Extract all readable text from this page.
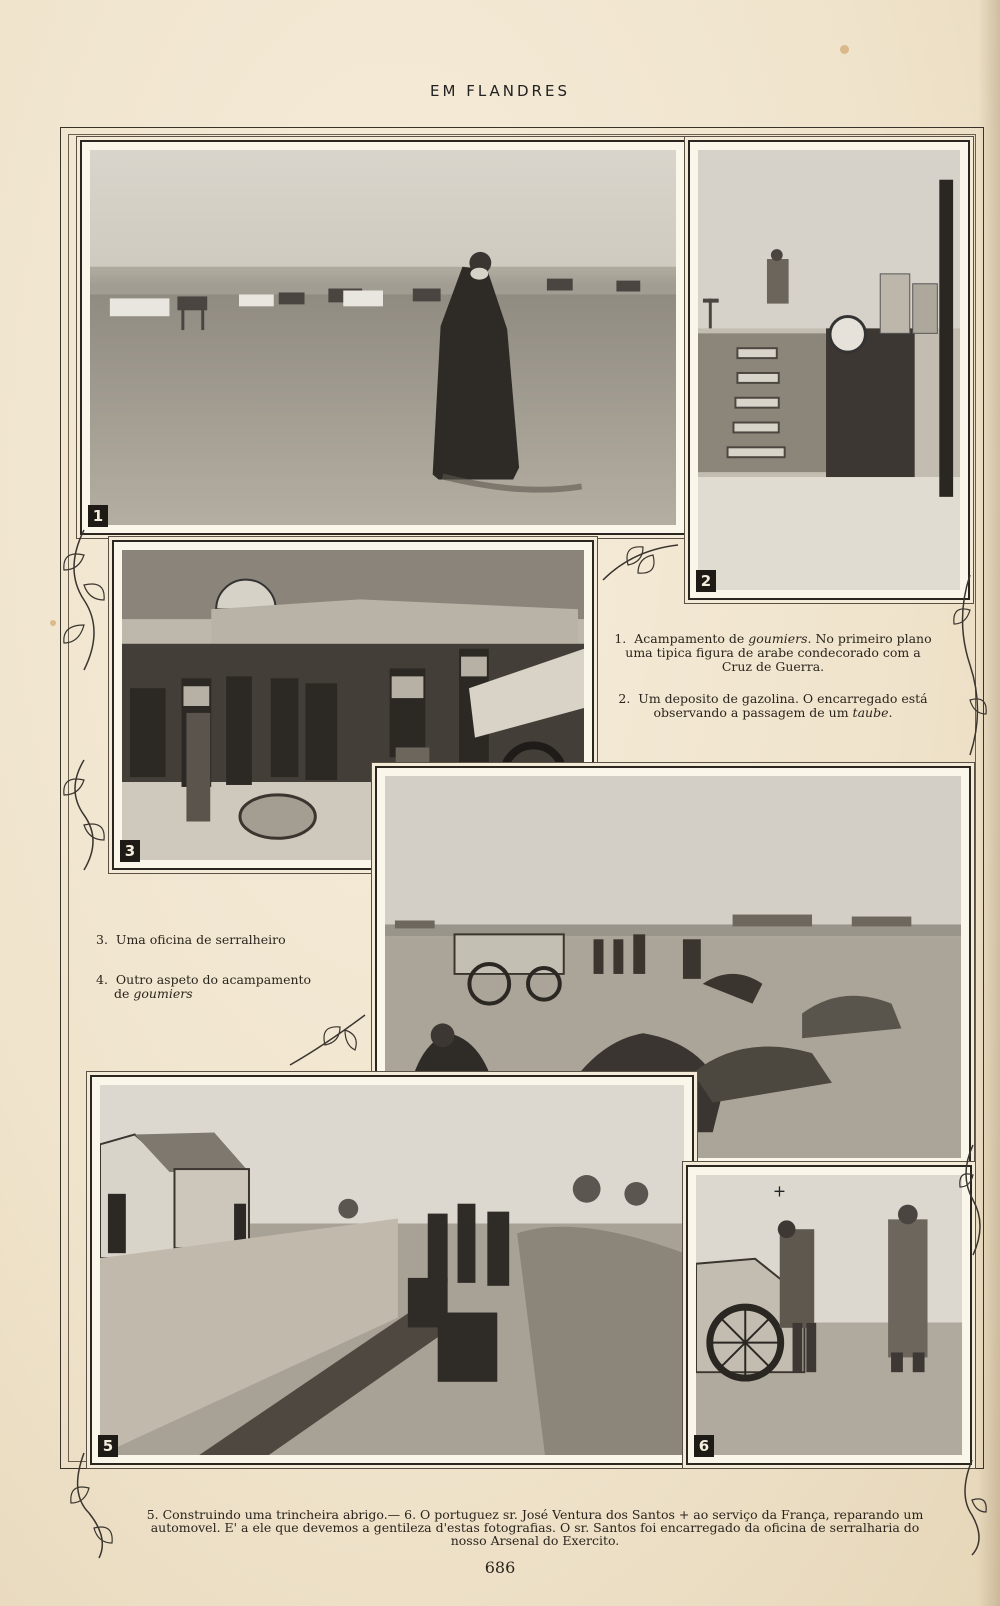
EM FLANDRES
1
2
3
1. Acampamento de goumiers. No primeiro plano uma tipica figura de arabe condecorado com a Cruz de Guerra.
2. Um deposito de gazolina. O encarregado está observando a passagem de um taube.
3. Uma oficina de serralheiro
4. Outro aspeto do acampamento de goumiers
5
+
6
5. Construindo uma trincheira abrigo.— 6. O portuguez sr. José Ventura dos Santos + ao serviço da França, reparando um automovel. E' a ele que devemos a gentileza d'estas fotografias. O sr. Santos foi encarregado da oficina de serralharia do nosso Arsenal do Exercito.
686
